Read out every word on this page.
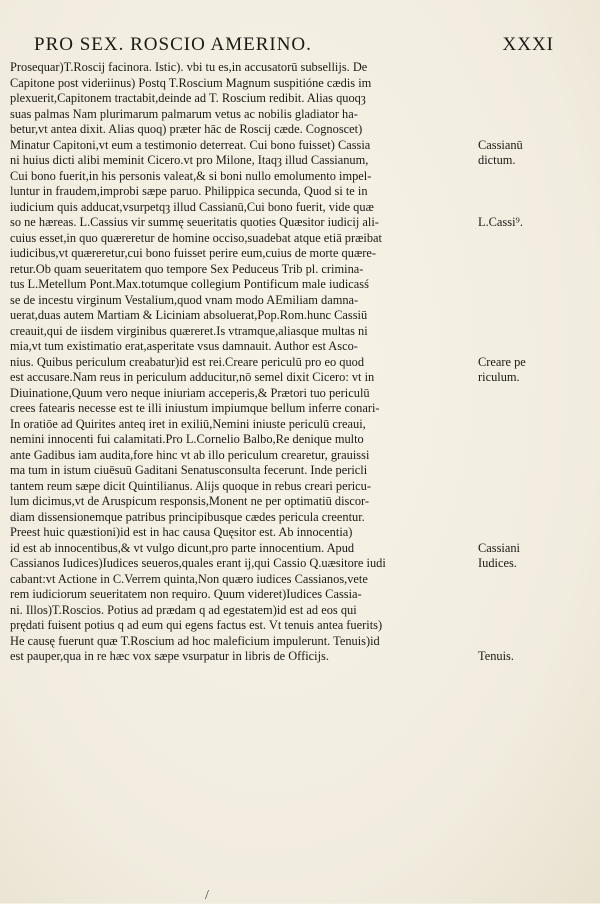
PRO SEX. ROSCIO AMERINO.	XXXI
Prosequar)T.Roscij facinora. Istic). vbi tu es,in accusatorū subsellijs. De
Capitone post videriinus) Postq T.Roscium Magnum suspitióne cædis im
plexuerit,Capitonem tractabit,deinde ad T. Roscium redibit. Alias quoqȝ
suas palmas Nam plurimarum palmarum vetus ac nobilis gladiator ha-
betur,vt antea dixit. Alias quoq) præter hāc de Roscij cæde. Cognoscet)
Minatur Capitoni,vt eum a testimonio deterreat. Cui bono fuisset) Cassia
ni huius dicti alibi meminit Cicero.vt pro Milone, Itaqȝ illud Cassianum,
Cui bono fuerit,in his personis valeat,& si boni nullo emolumento impel-
luntur in fraudem,improbi sæpe paruo. Philippica secunda, Quod si te in
iudicium quis adducat,vsurpetqȝ illud Cassianū,Cui bono fuerit, vide quæ
so ne hæreas. L.Cassius vir summę seueritatis quoties Quæsitor iudicij ali-
cuius esset,in quo quæreretur de homine occiso,suadebat atque etiā præibat
iudicibus,vt quæreretur,cui bono fuisset perire eum,cuius de morte quære-
retur.Ob quam seueritatem quo tempore Sex Peduceus Trib pl. crimina-
tus L.Metellum Pont.Max.totumque collegium Pontificum male iudicasś
se de incestu virginum Vestalium,quod vnam modo AEmiliam damna-
uerat,duas autem Martiam & Liciniam absoluerat,Pop.Rom.hunc Cassiū
creauit,qui de iisdem virginibus quæreret.Is vtramque,aliasque multas ni
mia,vt tum existimatio erat,asperitate vsus damnauit. Author est Asco-
nius. Quibus periculum creabatur)id est rei.Creare periculū pro eo quod
est accusare.Nam reus in periculum adducitur,nō semel dixit Cicero: vt in
Diuinatione,Quum vero neque iniuriam acceperis,& Prætori tuo periculū
crees fatearis necesse est te illi iniustum impiumque bellum inferre conari-
In oratiōe ad Quirites anteq iret in exiliū,Nemini iniuste periculū creaui,
nemini innocenti fui calamitati.Pro L.Cornelio Balbo,Re denique multo
ante Gadibus iam audita,fore hinc vt ab illo periculum crearetur, grauissi
ma tum in istum ciuēsuū Gaditani Senatusconsulta fecerunt. Inde pericli
tantem reum sæpe dicit Quintilianus. Alijs quoque in rebus creari pericu-
lum dicimus,vt de Aruspicum responsis,Monent ne per optimatiū discor-
diam dissensionemque patribus principibusque cædes pericula creentur.
Preest huic quæstioni)id est in hac causa Quęsitor est. Ab innocentia)
id est ab innocentibus,& vt vulgo dicunt,pro parte innocentium. Apud
Cassianos Iudices)Iudices seueros,quales erant ij,qui Cassio Q.uæsitore iudi
cabant:vt Actione in C.Verrem quinta,Non quæro iudices Cassianos,vete
rem iudiciorum seueritatem non requiro. Quum videret)Iudices Cassia-
ni. Illos)T.Roscios. Potius ad prædam q ad egestatem)id est ad eos qui
prędati fuisent potius q ad eum qui egens factus est. Vt tenuis antea fuerits)
He causę fuerunt quæ T.Roscium ad hoc maleficium impulerunt. Tenuis)id
est pauper,qua in re hæc vox sæpe vsurpatur in libris de Officijs.
Cassianū
dictum.
L.Cassi⁹.
Creare pe
riculum.
Cassiani
Iudices.
Tenuis.
/
